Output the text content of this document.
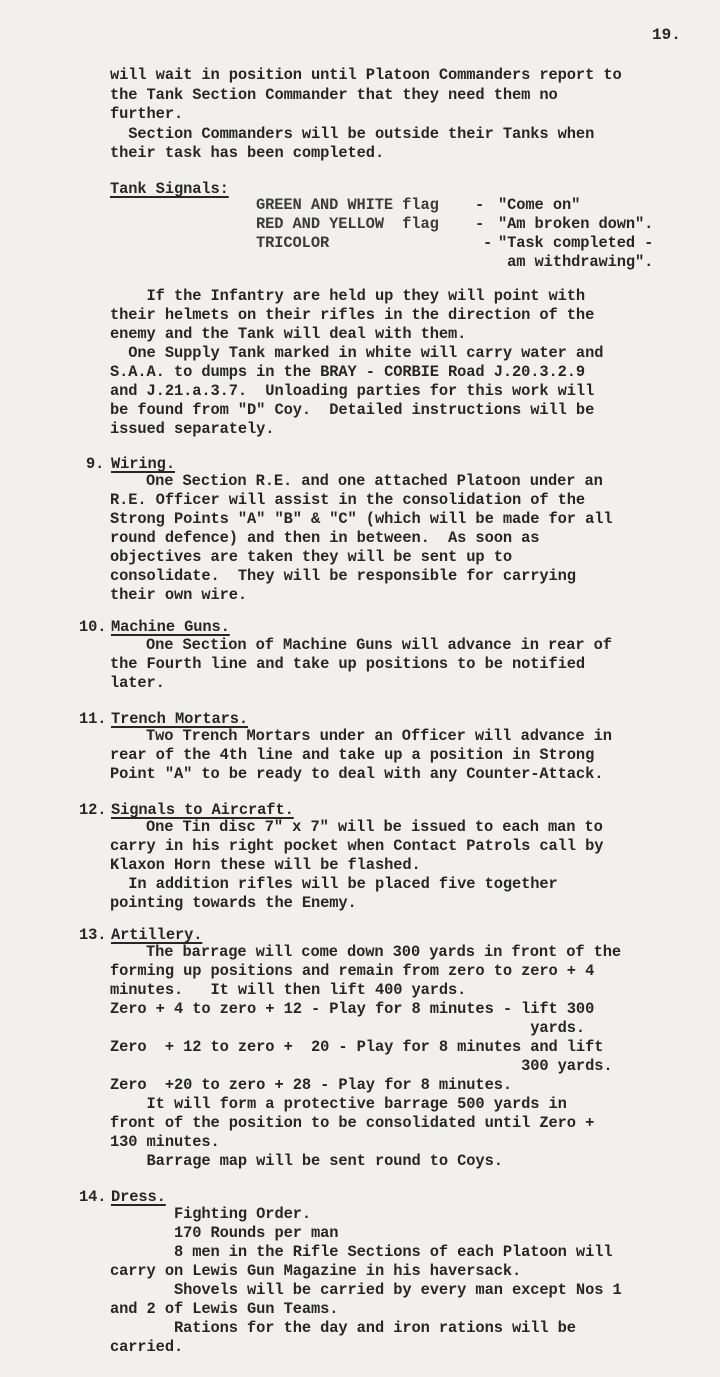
19.
will wait in position until Platoon Commanders report to
the Tank Section Commander that they need them no
further.
Section Commanders will be outside their Tanks when
their task has been completed.
Tank Signals:
GREEN AND WHITE flag - "Come on"
RED AND YELLOW  flag - "Am broken down".
TRICOLOR	- "Task completed -
am withdrawing".
If the Infantry are held up they will point with
their helmets on their rifles in the direction of the
enemy and the Tank will deal with them.
One Supply Tank marked in white will carry water and
S.A.A. to dumps in the BRAY - CORBIE Road J.20.3.2.9
and J.21.a.3.7.  Unloading parties for this work will
be found from "D" Coy.  Detailed instructions will be
issued separately.
9. Wiring.
One Section R.E. and one attached Platoon under an
R.E. Officer will assist in the consolidation of the
Strong Points "A" "B" & "C" (which will be made for all
round defence) and then in between.  As soon as
objectives are taken they will be sent up to
consolidate.  They will be responsible for carrying
their own wire.
10. Machine Guns.
One Section of Machine Guns will advance in rear of
the Fourth line and take up positions to be notified
later.
11. Trench Mortars.
Two Trench Mortars under an Officer will advance in
rear of the 4th line and take up a position in Strong
Point "A" to be ready to deal with any Counter-Attack.
12. Signals to Aircraft.
One Tin disc 7" x 7" will be issued to each man to
carry in his right pocket when Contact Patrols call by
Klaxon Horn these will be flashed.
In addition rifles will be placed five together
pointing towards the Enemy.
13. Artillery.
The barrage will come down 300 yards in front of the
forming up positions and remain from zero to zero + 4
minutes.   It will then lift 400 yards.
Zero + 4 to zero + 12 - Play for 8 minutes - lift 300
yards.
Zero  + 12 to zero +  20 - Play for 8 minutes and lift
300 yards.
Zero  +20 to zero + 28 - Play for 8 minutes.
It will form a protective barrage 500 yards in
front of the position to be consolidated until Zero +
130 minutes.
Barrage map will be sent round to Coys.
14. Dress.
Fighting Order.
170 Rounds per man
8 men in the Rifle Sections of each Platoon will
carry on Lewis Gun Magazine in his haversack.
Shovels will be carried by every man except Nos 1
and 2 of Lewis Gun Teams.
Rations for the day and iron rations will be
carried.
